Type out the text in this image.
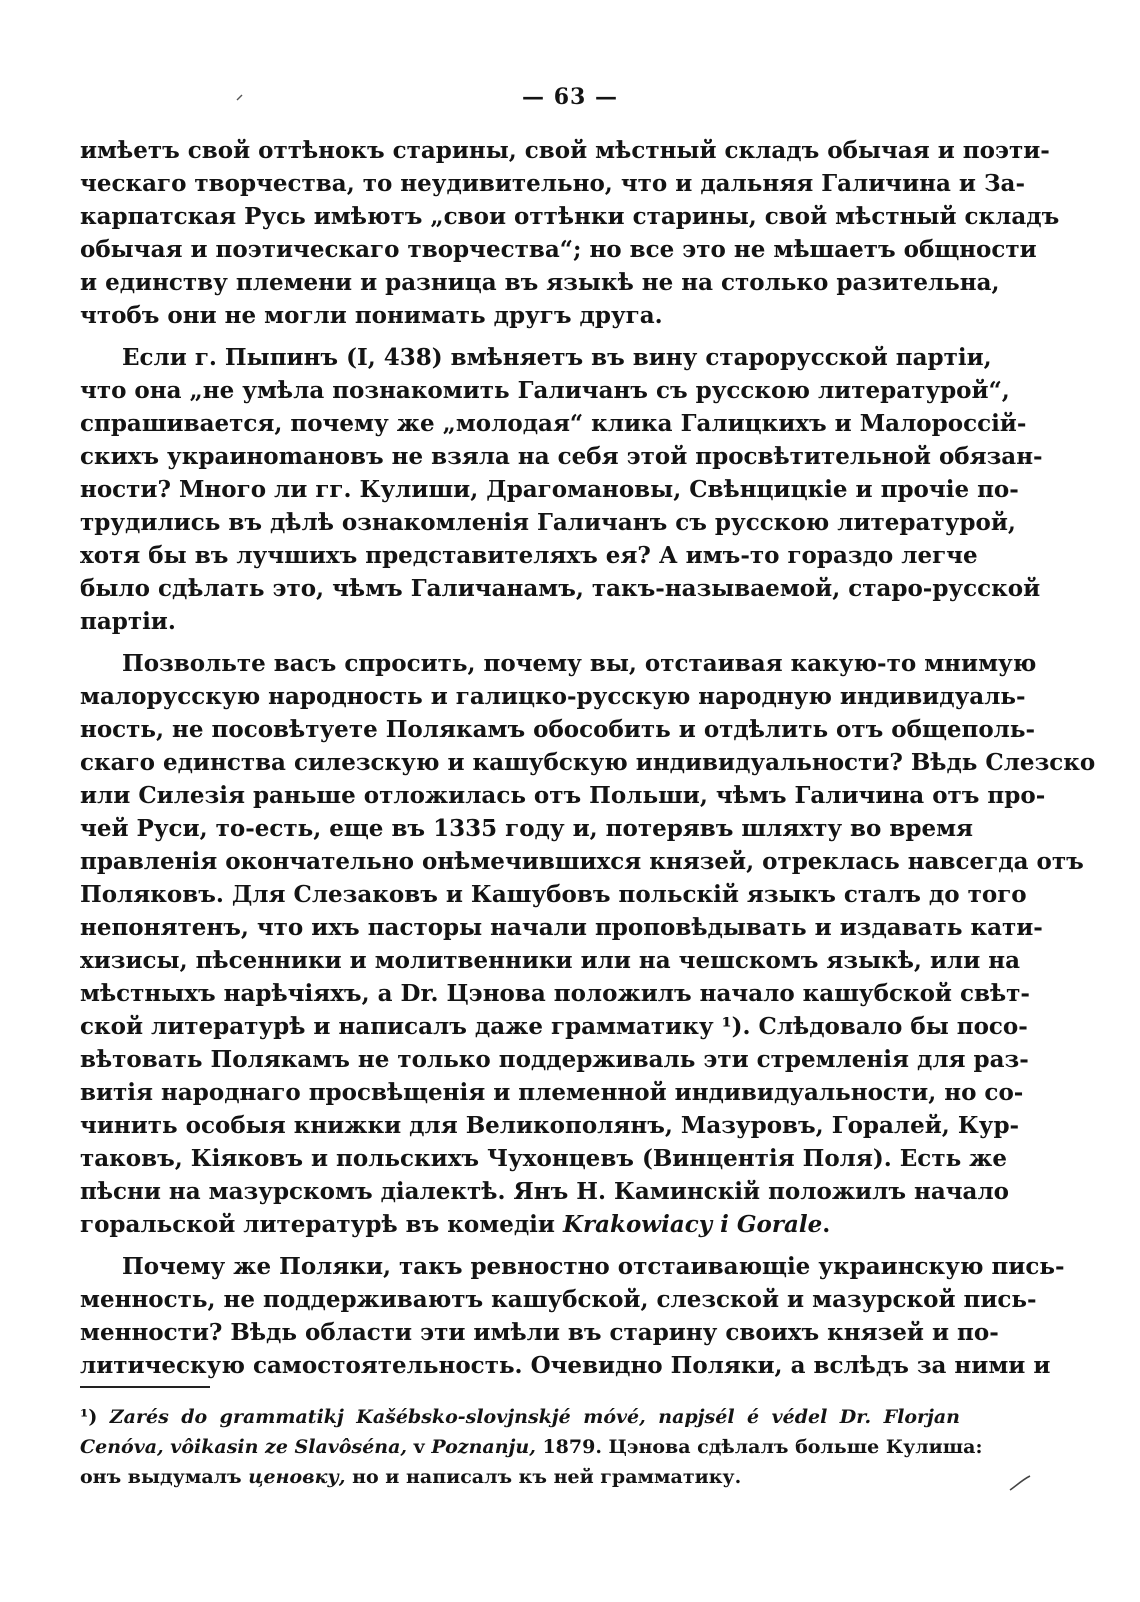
— 63 —

имѣетъ свой оттѣнокъ старины, свой мѣстный складъ обычая и поэти-
ческаго творчества, то неудивительно, что и дальняя Галичина и За-
карпатская Русь имѣютъ „свои оттѣнки старины, свой мѣстный складъ
обычая и поэтическаго творчества“; но все это не мѣшаетъ общности
и единству племени и разница въ языкѣ не на столько разительна,
чтобъ они не могли понимать другъ друга.

Если г. Пыпинъ (I, 438) вмѣняетъ въ вину старорусской партіи,
что она „не умѣла познакомить Галичанъ съ русскою литературой“,
спрашивается, почему же „молодая“ клика Галицкихъ и Малороссій-
скихъ украиноmановъ не взяла на себя этой просвѣтительной обязан-
ности? Много ли гг. Кулиши, Драгомановы, Свѣнцицкіе и прочіе по-
трудились въ дѣлѣ ознакомленія Галичанъ съ русскою литературой,
хотя бы въ лучшихъ представителяхъ ея? А имъ-то гораздо легче
было сдѣлать это, чѣмъ Галичанамъ, такъ-называемой, старо-русской
партіи.

Позвольте васъ спросить, почему вы, отстаивая какую-то мнимую
малорусскую народность и галицко-русскую народную индивидуаль-
ность, не посовѣтуете Полякамъ обособить и отдѣлить отъ общеполь-
скаго единства силезскую и кашубскую индивидуальности? Вѣдь Слезско
или Силезія раньше отложилась отъ Польши, чѣмъ Галичина отъ про-
чей Руси, то-есть, еще въ 1335 году и, потерявъ шляхту во время
правленія окончательно онѣмечившихся князей, отреклась навсегда отъ
Поляковъ. Для Слезаковъ и Кашубовъ польскій языкъ сталъ до того
непонятенъ, что ихъ пасторы начали проповѣдывать и издавать кати-
хизисы, пѣсенники и молитвенники или на чешскомъ языкѣ, или на
мѣстныхъ нарѣчіяхъ, а Dr. Цэнова положилъ начало кашубской свѣт-
ской литературѣ и написалъ даже грамматику ¹). Слѣдовало бы посо-
вѣтовать Полякамъ не только поддерживаль эти стремленія для раз-
витія народнаго просвѣщенія и племенной индивидуальности, но со-
чинить особыя книжки для Великополянъ, Мазуровъ, Горалей, Кур-
таковъ, Кіяковъ и польскихъ Чухонцевъ (Винцентія Поля). Есть же
пѣсни на мазурскомъ діалектѣ. Янъ Н. Каминскій положилъ начало
горальской литературѣ въ комедіи Krakowiacy i Gorale.

Почему же Поляки, такъ ревностно отстаивающіе украинскую пись-
менность, не поддерживаютъ кашубской, слезской и мазурской пись-
менности? Вѣдь области эти имѣли въ старину своихъ князей и по-
литическую самостоятельность. Очевидно Поляки, а вслѣдъ за ними и

¹) Zarés do grammatikj Kašébsko-slovjnskjé móvé, napjsél é védel Dr. Florjan
Cenóva, vôikasin ze Slavôséna, v Poznanju, 1879. Цэнова сдѣлалъ больше Кулиша:
онъ выдумалъ ценовку, но и написалъ къ ней грамматику.
